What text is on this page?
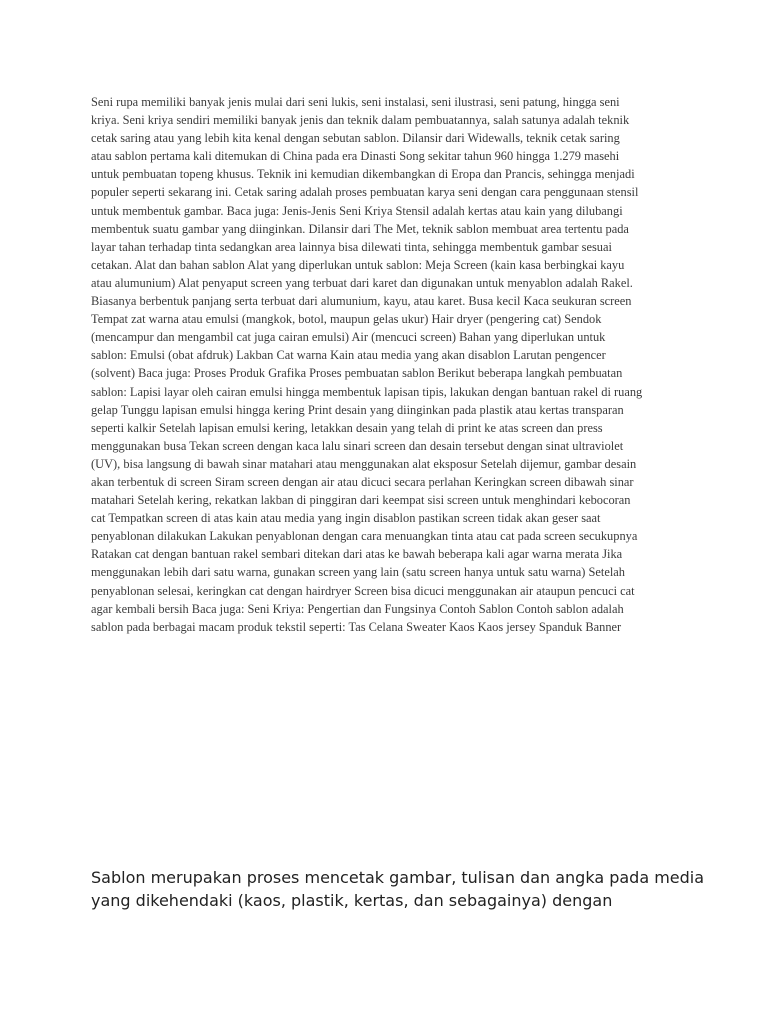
Seni rupa memiliki banyak jenis mulai dari seni lukis, seni instalasi, seni ilustrasi, seni patung, hingga seni
kriya. Seni kriya sendiri memiliki banyak jenis dan teknik dalam pembuatannya, salah satunya adalah teknik
cetak saring atau yang lebih kita kenal dengan sebutan sablon. Dilansir dari Widewalls, teknik cetak saring
atau sablon pertama kali ditemukan di China pada era Dinasti Song sekitar tahun 960 hingga 1.279 masehi
untuk pembuatan topeng khusus. Teknik ini kemudian dikembangkan di Eropa dan Prancis, sehingga menjadi
populer seperti sekarang ini. Cetak saring adalah proses pembuatan karya seni dengan cara penggunaan stensil
untuk membentuk gambar. Baca juga: Jenis-Jenis Seni Kriya Stensil adalah kertas atau kain yang dilubangi
membentuk suatu gambar yang diinginkan. Dilansir dari The Met, teknik sablon membuat area tertentu pada
layar tahan terhadap tinta sedangkan area lainnya bisa dilewati tinta, sehingga membentuk gambar sesuai
cetakan. Alat dan bahan sablon Alat yang diperlukan untuk sablon: Meja Screen (kain kasa berbingkai kayu
atau alumunium) Alat penyaput screen yang terbuat dari karet dan digunakan untuk menyablon adalah Rakel.
Biasanya berbentuk panjang serta terbuat dari alumunium, kayu, atau karet. Busa kecil Kaca seukuran screen
Tempat zat warna atau emulsi (mangkok, botol, maupun gelas ukur) Hair dryer (pengering cat) Sendok
(mencampur dan mengambil cat juga cairan emulsi) Air (mencuci screen) Bahan yang diperlukan untuk
sablon: Emulsi (obat afdruk) Lakban Cat warna Kain atau media yang akan disablon Larutan pengencer
(solvent) Baca juga: Proses Produk Grafika Proses pembuatan sablon Berikut beberapa langkah pembuatan
sablon: Lapisi layar oleh cairan emulsi hingga membentuk lapisan tipis, lakukan dengan bantuan rakel di ruang
gelap Tunggu lapisan emulsi hingga kering Print desain yang diinginkan pada plastik atau kertas transparan
seperti kalkir Setelah lapisan emulsi kering, letakkan desain yang telah di print ke atas screen dan press
menggunakan busa Tekan screen dengan kaca lalu sinari screen dan desain tersebut dengan sinat ultraviolet
(UV), bisa langsung di bawah sinar matahari atau menggunakan alat eksposur Setelah dijemur, gambar desain
akan terbentuk di screen Siram screen dengan air atau dicuci secara perlahan Keringkan screen dibawah sinar
matahari Setelah kering, rekatkan lakban di pinggiran dari keempat sisi screen untuk menghindari kebocoran
cat Tempatkan screen di atas kain atau media yang ingin disablon pastikan screen tidak akan geser saat
penyablonan dilakukan Lakukan penyablonan dengan cara menuangkan tinta atau cat pada screen secukupnya
Ratakan cat dengan bantuan rakel sembari ditekan dari atas ke bawah beberapa kali agar warna merata Jika
menggunakan lebih dari satu warna, gunakan screen yang lain (satu screen hanya untuk satu warna) Setelah
penyablonan selesai, keringkan cat dengan hairdryer Screen bisa dicuci menggunakan air ataupun pencuci cat
agar kembali bersih Baca juga: Seni Kriya: Pengertian dan Fungsinya Contoh Sablon Contoh sablon adalah
sablon pada berbagai macam produk tekstil seperti: Tas Celana Sweater Kaos Kaos jersey Spanduk Banner
Sablon merupakan proses mencetak gambar, tulisan dan angka pada media
yang dikehendaki (kaos, plastik, kertas, dan sebagainya) dengan
